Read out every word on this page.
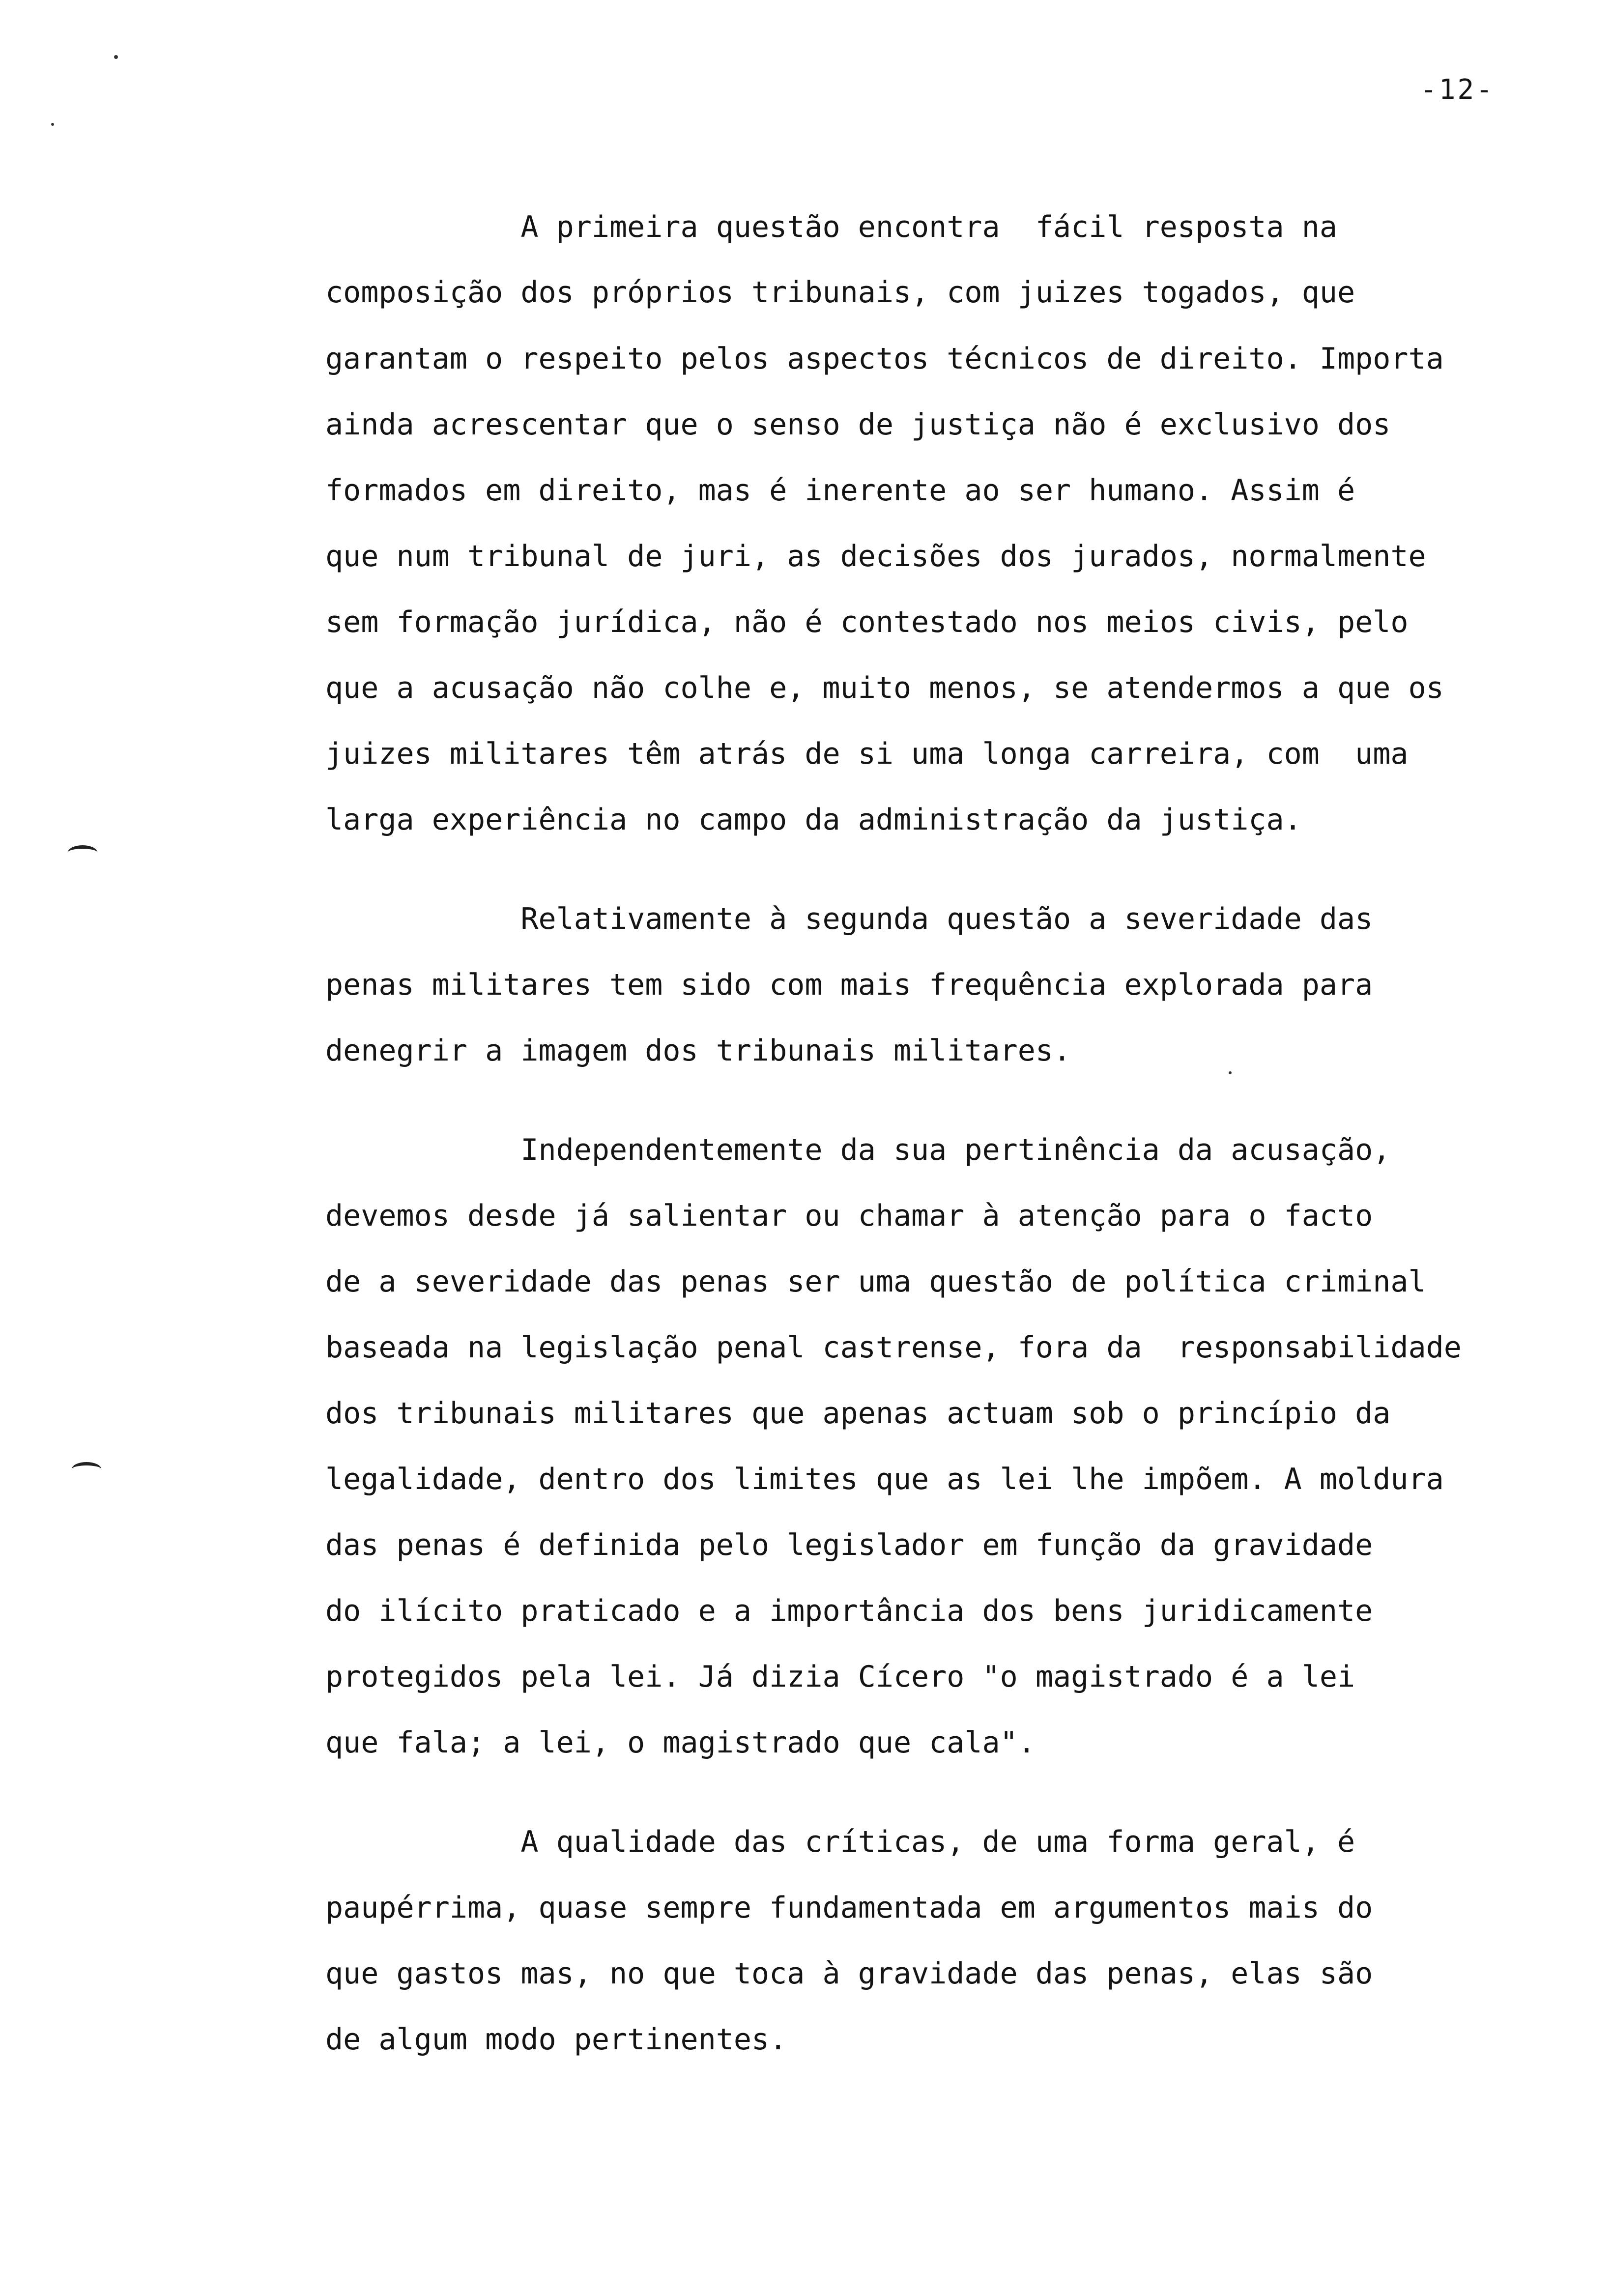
-12-
A primeira questão encontra  fácil resposta na
composição dos próprios tribunais, com juizes togados, que
garantam o respeito pelos aspectos técnicos de direito. Importa
ainda acrescentar que o senso de justiça não é exclusivo dos
formados em direito, mas é inerente ao ser humano. Assim é
que num tribunal de juri, as decisões dos jurados, normalmente
sem formação jurídica, não é contestado nos meios civis, pelo
que a acusação não colhe e, muito menos, se atendermos a que os
juizes militares têm atrás de si uma longa carreira, com  uma
larga experiência no campo da administração da justiça.
Relativamente à segunda questão a severidade das
penas militares tem sido com mais frequência explorada para
denegrir a imagem dos tribunais militares.
Independentemente da sua pertinência da acusação,
devemos desde já salientar ou chamar à atenção para o facto
de a severidade das penas ser uma questão de política criminal
baseada na legislação penal castrense, fora da  responsabilidade
dos tribunais militares que apenas actuam sob o princípio da
legalidade, dentro dos limites que as lei lhe impõem. A moldura
das penas é definida pelo legislador em função da gravidade
do ilícito praticado e a importância dos bens juridicamente
protegidos pela lei. Já dizia Cícero "o magistrado é a lei
que fala; a lei, o magistrado que cala".
A qualidade das críticas, de uma forma geral, é
paupérrima, quase sempre fundamentada em argumentos mais do
que gastos mas, no que toca à gravidade das penas, elas são
de algum modo pertinentes.
